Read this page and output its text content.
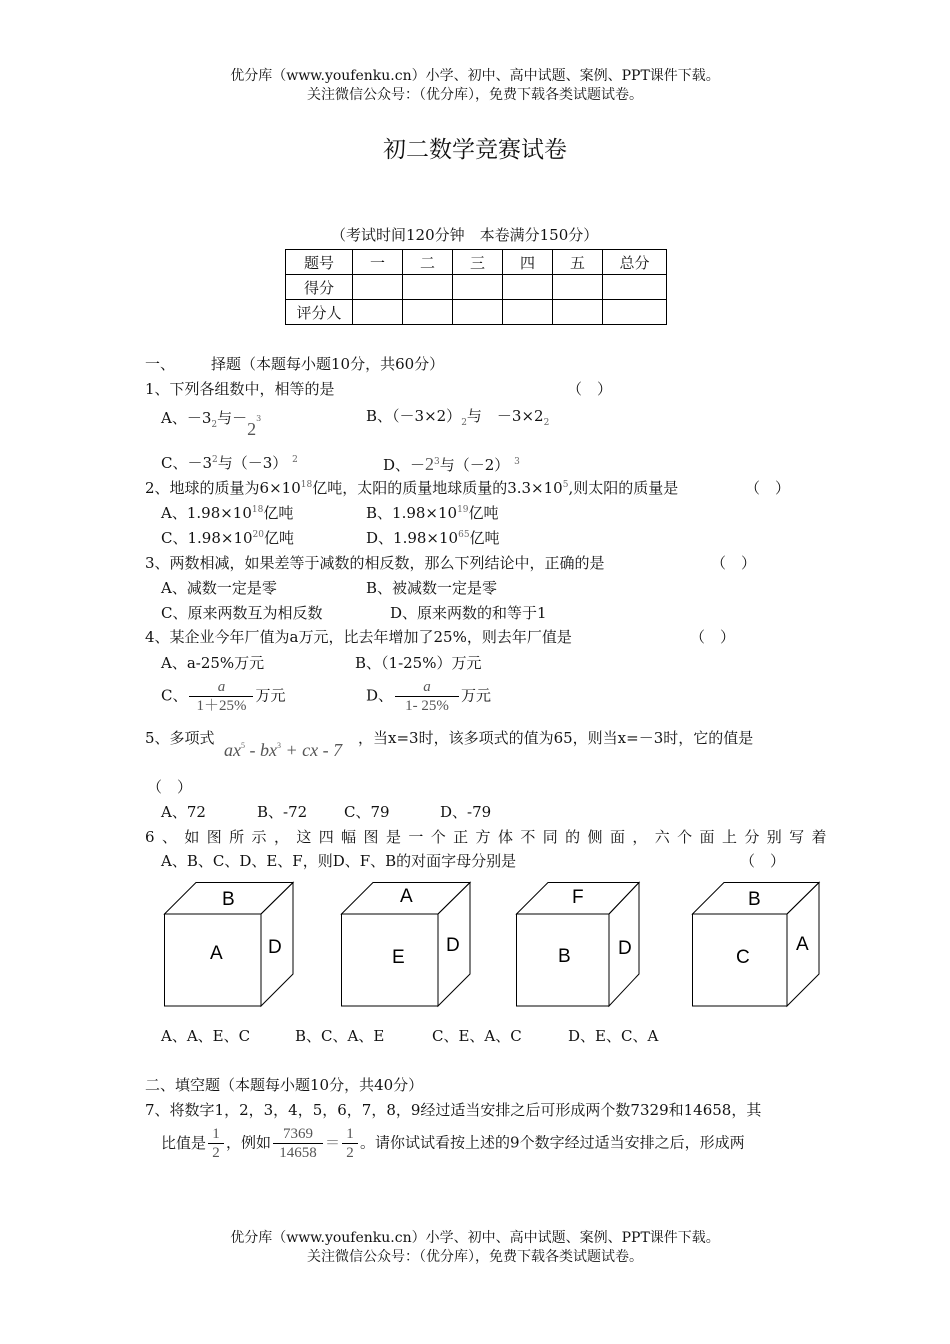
优分库（www.youfenku.cn）小学、初中、高中试题、案例、PPT课件下载。
关注微信公众号：（优分库），免费下载各类试题试卷。
初二数学竞赛试卷
（考试时间120分钟　本卷满分150分）
题号	一	二	三	四	五	总分
得分						
评分人						
一、 择题（本题每小题10分，共60分）
1、下列各组数中，相等的是	（　）
A、$-3_2$与－23	B、$(-3\times 2)_2$与　$-3\times 2_2$
C、$-3^2$与（－3） $^2$	D、$-2^3$与（－2） $^3$
2、地球的质量为$6\times 10^{18}$亿吨，太阳的质量地球质量的$3.3\times 10^5$,则太阳的质量是	（　）
A、$1.98\times 10^{18}$亿吨	B、$1.98\times 10^{19}$亿吨
C、$1.98\times 10^{20}$亿吨	D、$1.98\times 10^{65}$亿吨
3、两数相减，如果差等于减数的相反数，那么下列结论中，正确的是	（　）
A、减数一定是零	B、被减数一定是零
C、原来两数互为相反数	D、原来两数的和等于1
4、某企业今年厂值为a万元，比去年增加了25%，则去年厂值是	（　）
A、a-25%万元	B、（1-25%）万元
C、 $\frac{a}{1+25\%}$ 万元	D、 $\frac{a}{1- 25\%}$ 万元
5、多项式
$ax^5 - bx^3$ + cx - 7
，当x=3时，该多项式的值为65，则当x=－3时，它的值是
（　）
A、72	B、-72 C、79	D、-79
6、如图所示，这四幅图是一个正方体不同的侧面，六个面上分别写着
A、B、C、D、E、F，则D、F、B的对面字母分别是	（　）
B
A D
A
E
D
F
B D
B
C
A
A、A、E、C	B、C、A、E	C、E、A、C	D、E、C、A
二、填空题（本题每小题10分，共40分）
7、将数字1，2，3，4，5，6，7，8，9经过适当安排之后可形成两个数7329和14658，其
比值是 $\frac{1}{2}$ ，例如 $\frac{7369}{14658} = \frac{1}{2}$ 。请你试试看按上述的9个数字经过适当安排之后，形成两
优分库（www.youfenku.cn）小学、初中、高中试题、案例、PPT课件下载。
关注微信公众号：（优分库），免费下载各类试题试卷。
